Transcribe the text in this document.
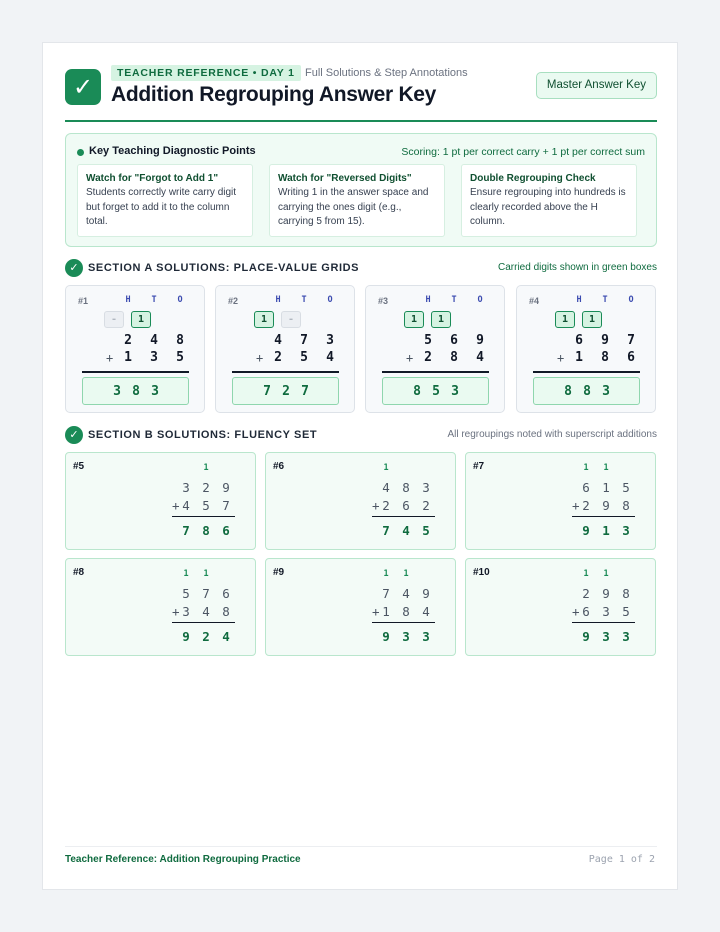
✓	TEACHER REFERENCE • DAY 1 Full Solutions & Step Annotations
Addition Regrouping Answer Key	Master Answer Key
Key Teaching Diagnostic Points	Scoring: 1 pt per correct carry + 1 pt per correct sum
Watch for "Forgot to Add 1"
Students correctly write carry digit but forget to add it to the column total.
Watch for "Reversed Digits"
Writing 1 in the answer space and carrying the ones digit (e.g., carrying 5 from 15).
Double Regrouping Check
Ensure regrouping into hundreds is clearly recorded above the H column.
✓ SECTION A SOLUTIONS: PLACE-VALUE GRIDS	Carried digits shown in green boxes
#1	H	T	O
-	1
2 4 8
+ 1 3 5
3 8 3
#2	H	T	O
1	-
4 7 3
+ 2 5 4
7 2 7
#3	H	T	O
1	1
5 6 9
+ 2 8 4
8 5 3
#4	H	T	O
1	1
6 9 7
+ 1 8 6
8 8 3
✓ SECTION B SOLUTIONS: FLUENCY SET	All regroupings noted with superscript additions
#5	1
3 2 9
+ 4 5 7
7 8 6
#6	1
4 8 3
+ 2 6 2
7 4 5
#7	1	1
6 1 5
+ 2 9 8
9 1 3
#8	1	1
5 7 6
+ 3 4 8
9 2 4
#9	1	1
7 4 9
+ 1 8 4
9 3 3
#10	1	1
2 9 8
+ 6 3 5
9 3 3
Teacher Reference: Addition Regrouping Practice	Page 1 of 2
